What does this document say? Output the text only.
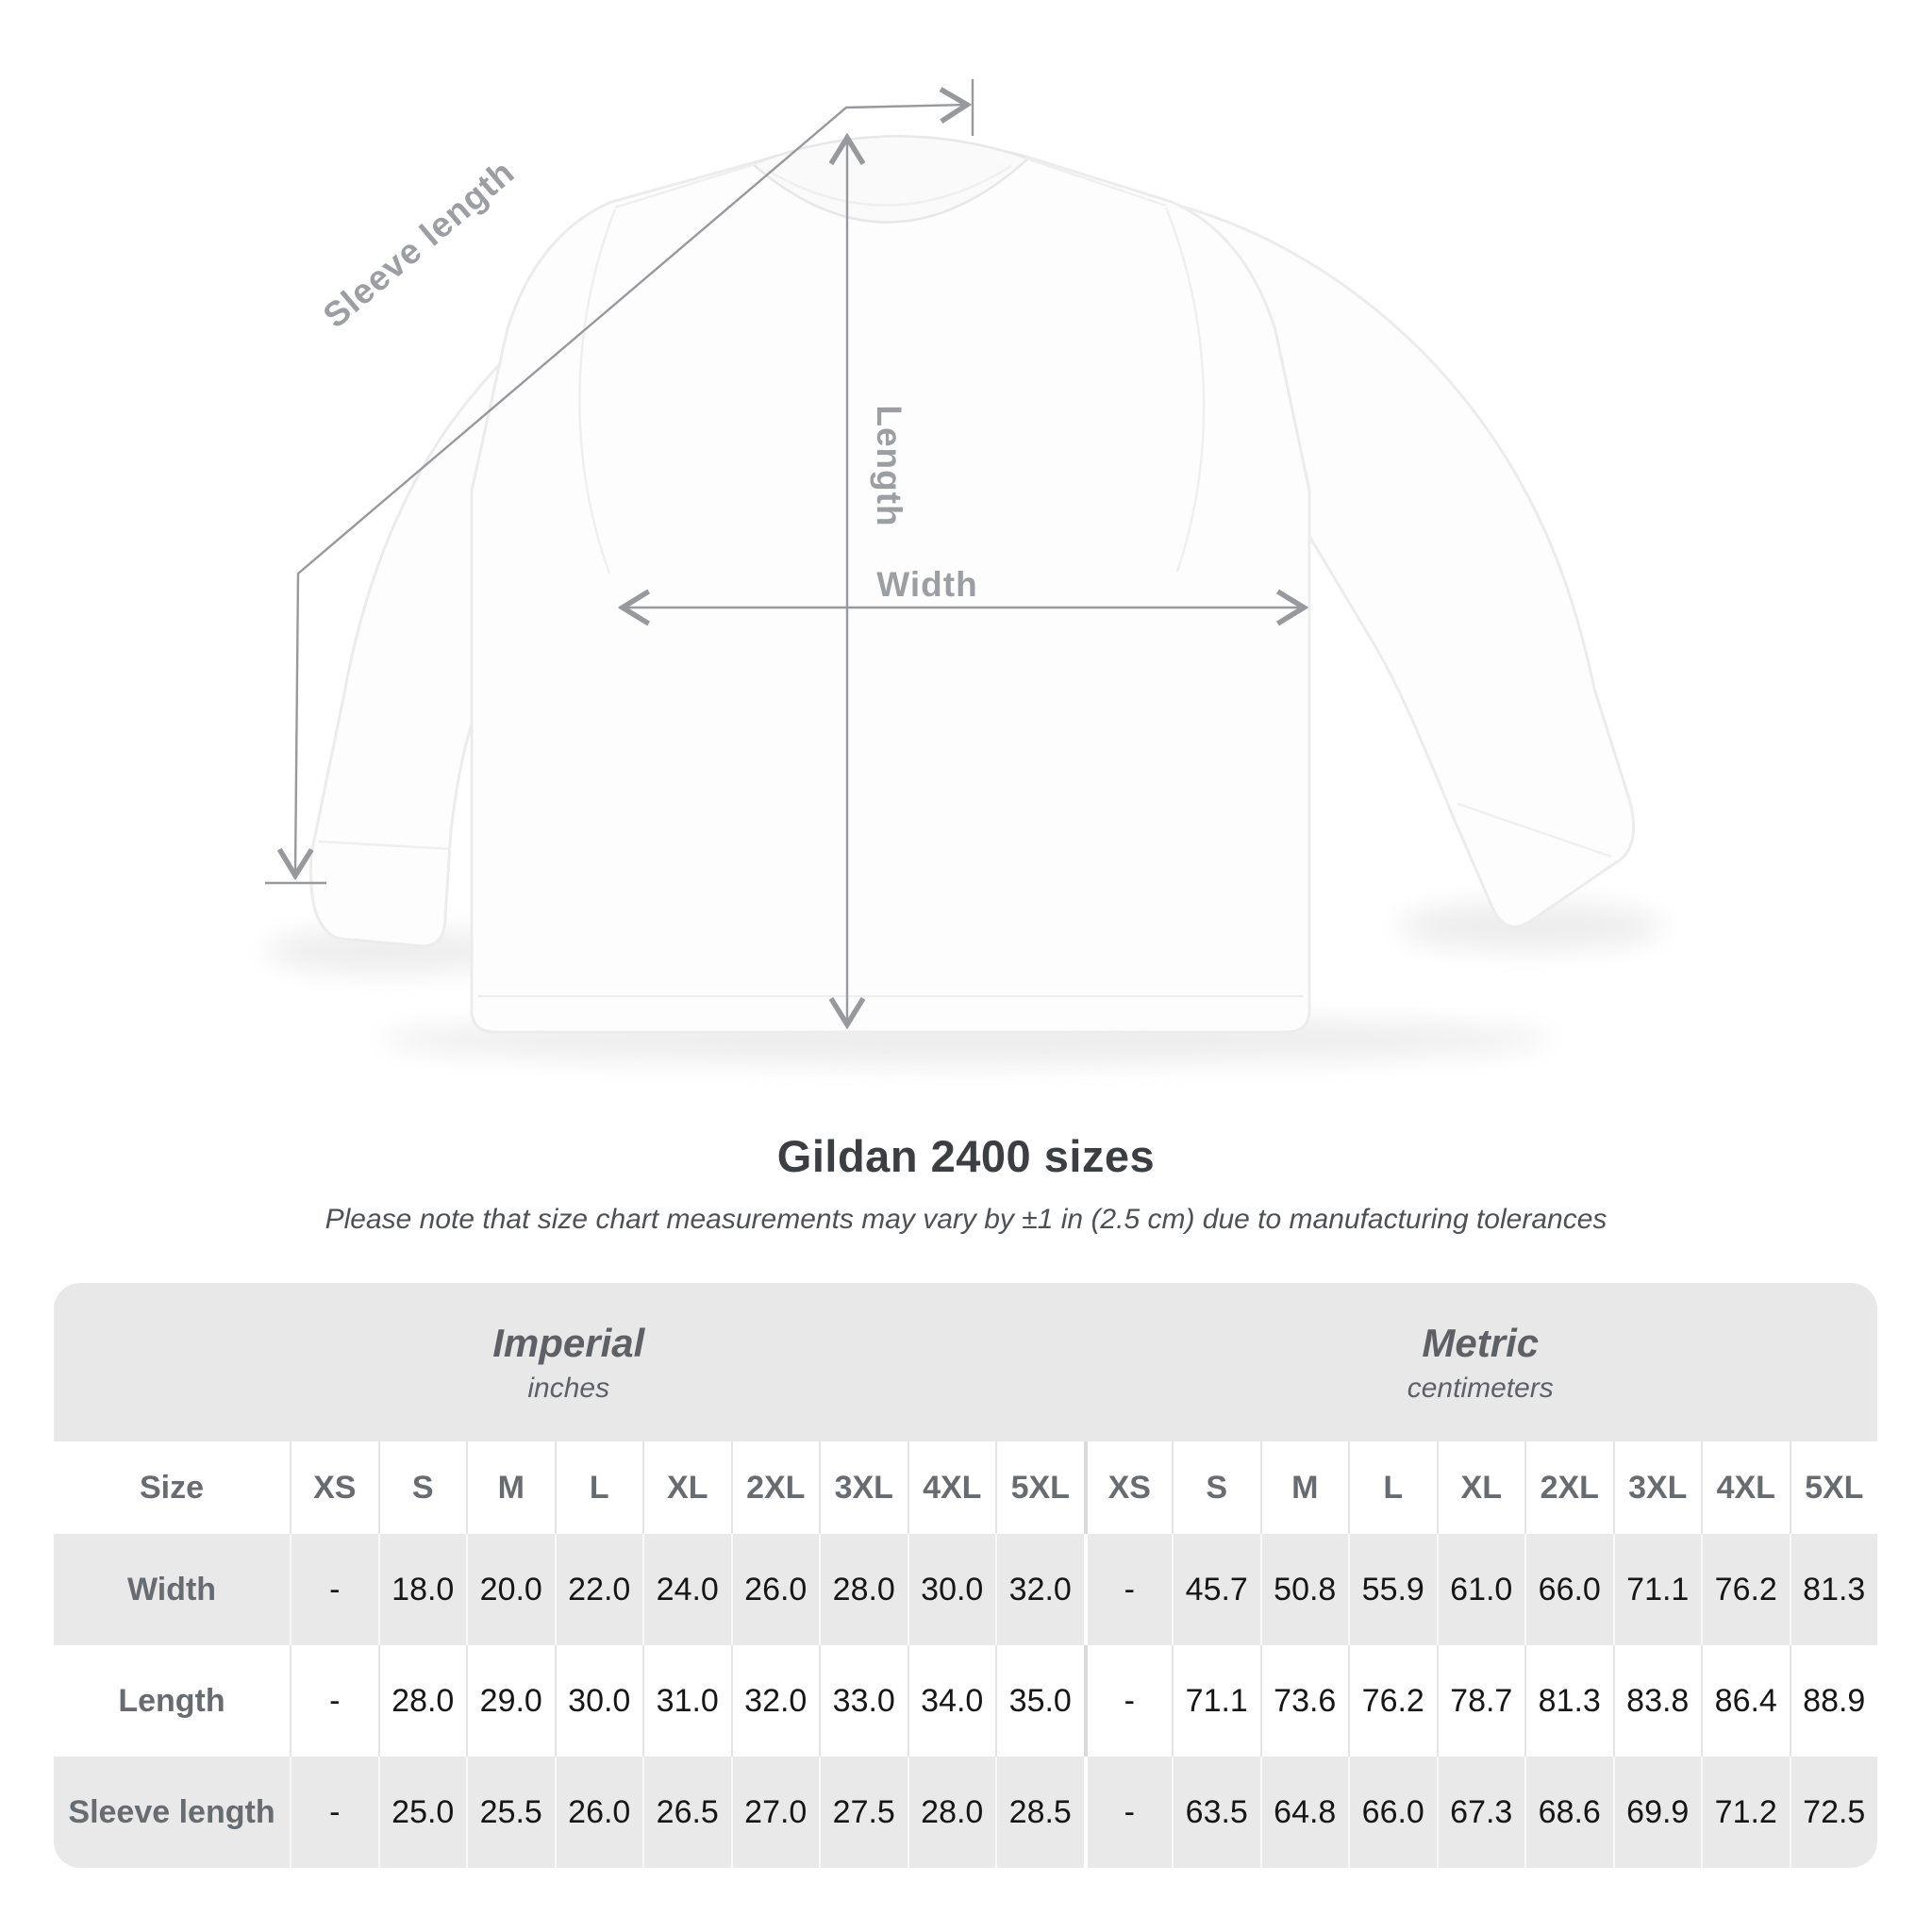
Sleeve length
Length
Width
Gildan 2400 sizes
Please note that size chart measurements may vary by ±1 in (2.5 cm) due to manufacturing tolerances
Imperial
inches
Metric
centimeters
Size	XS	S	M	L	XL	2XL 3XL 4XL 5XL	XS	S	M	L	XL	2XL 3XL 4XL 5XL
Width	-	18.0 20.0 22.0 24.0 26.0 28.0 30.0 32.0	-	45.7 50.8 55.9 61.0 66.0 71.1 76.2 81.3
Length	-	28.0 29.0 30.0 31.0 32.0 33.0 34.0 35.0	-	71.1 73.6 76.2 78.7 81.3 83.8 86.4 88.9
Sleeve length	-	25.0 25.5 26.0 26.5 27.0 27.5 28.0 28.5	-	63.5 64.8 66.0 67.3 68.6 69.9 71.2 72.5
